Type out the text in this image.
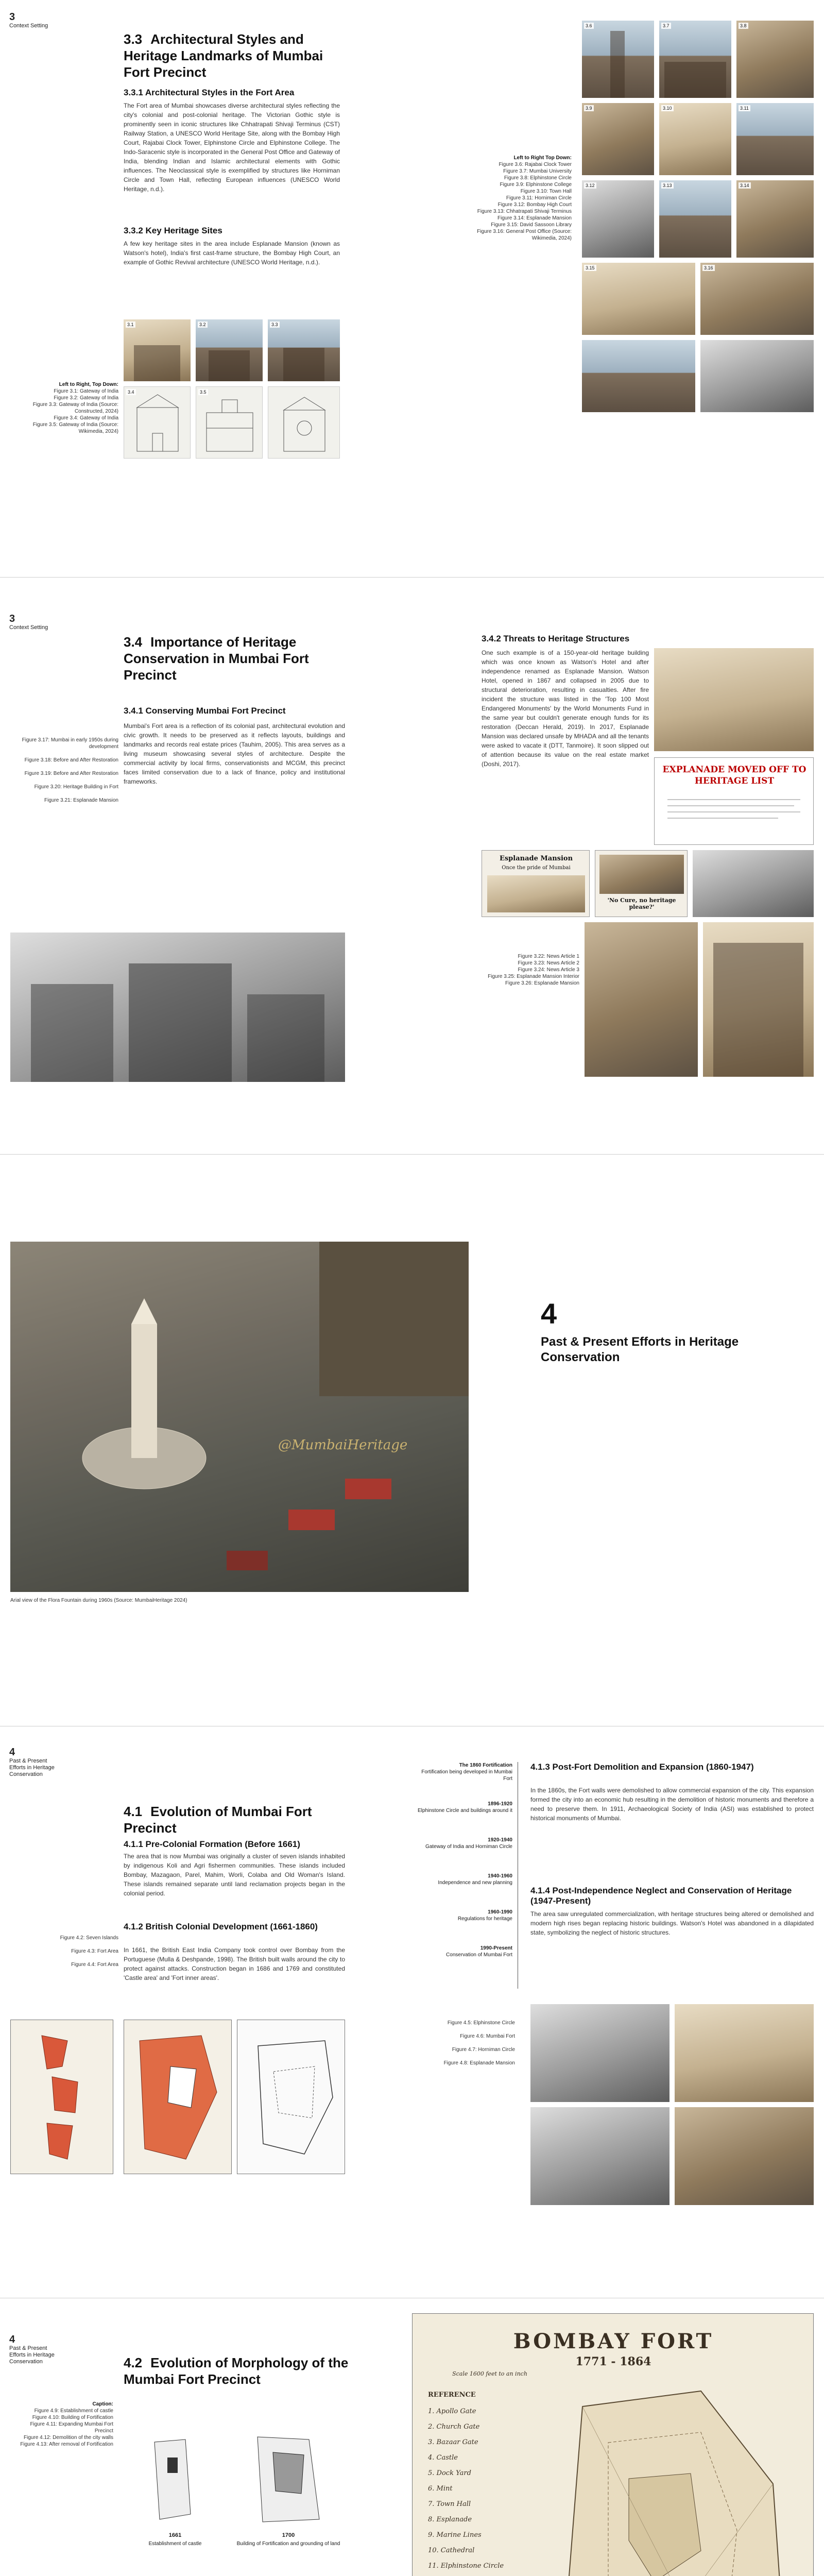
3
Context Setting
3.3 Architectural Styles and Heritage Landmarks of Mumbai Fort Precinct
3.3.1 Architectural Styles in the Fort Area

The Fort area of Mumbai showcases diverse architectural styles reflecting the city's colonial and post-colonial heritage. The Victorian Gothic style is prominently seen in iconic structures like Chhatrapati Shivaji Terminus (CST) Railway Station, a UNESCO World Heritage Site, along with the Bombay High Court, Rajabai Clock Tower, Elphinstone Circle and Elphinstone College. The Indo-Saracenic style is incorporated in the General Post Office and Gateway of India, blending Indian and Islamic architectural elements with Gothic influences. The Neoclassical style is exemplified by structures like Horniman Circle and Town Hall, reflecting European influences (UNESCO World Heritage, n.d.).

3.3.2 Key Heritage Sites

A few key heritage sites in the area include Esplanade Mansion (known as Watson's hotel), India's first cast-frame structure, the Bombay High Court, an example of Gothic Revival architecture (UNESCO World Heritage, n.d.).

Left to Right, Top Down:
Figure 3.1: Gateway of India
Figure 3.2: Gateway of India
Figure 3.3: Gateway of India (Source: Constructed, 2024)
Figure 3.4: Gateway of India
Figure 3.5: Gateway of India (Source: Wikimedia, 2024)
3.1	3.2	3.3
3.4	3.5
3.6	3.7	3.8
Left to Right Top Down:
Figure 3.6: Rajabai Clock Tower
Figure 3.7: Mumbai University
Figure 3.8: Elphinstone Circle
Figure 3.9: Elphinstone College
Figure 3.10: Town Hall
Figure 3.11: Horniman Circle
Figure 3.12: Bombay High Court
Figure 3.13: Chhatrapati Shivaji Terminus
Figure 3.14: Esplanade Mansion
Figure 3.15: David Sassoon Library
Figure 3.16: General Post Office (Source: Wikimedia, 2024)
3.9	3.10	3.11
3.12	3.13	3.14
3.15	3.16
3
Context Setting
3.4 Importance of Heritage Conservation in Mumbai Fort Precinct
3.4.1 Conserving Mumbai Fort Precinct

Mumbai's Fort area is a reflection of its colonial past, architectural evolution and civic growth. It needs to be preserved as it reflects layouts, buildings and landmarks and records real estate prices (Tauhim, 2005). This area serves as a living museum showcasing several styles of architecture. Despite the commercial activity by local firms, conservationists and MCGM, this precinct faces limited conservation due to a lack of finance, policy and institutional frameworks.

Figure 3.17: Mumbai in early 1950s during development

Figure 3.18: Before and After Restoration

Figure 3.19: Before and After Restoration

Figure 3.20: Heritage Building in Fort

Figure 3.21: Esplanade Mansion
3.4.2 Threats to Heritage Structures

One such example is of a 150-year-old heritage building which was once known as Watson's Hotel and after independence renamed as Esplanade Mansion. Watson Hotel, opened in 1867 and collapsed in 2005 due to structural deterioration, resulting in casualties. After fire incident the structure was listed in the 'Top 100 Most Endangered Monuments' by the World Monuments Fund in the same year but couldn't generate enough funds for its restoration (Deccan Herald, 2019). In 2017, Esplanade Mansion was declared unsafe by MHADA and all the tenants were asked to vacate it (DTT, Tanmoire). It soon slipped out of attention because its value on the real estate market (Doshi, 2017).

EXPLANADE MOVED OFF TO HERITAGE LIST
Esplanade Mansion
Once the pride of Mumbai
'No Cure, no heritage please?'
Figure 3.22: News Article 1
Figure 3.23: News Article 2
Figure 3.24: News Article 3
Figure 3.25: Esplanade Mansion Interior
Figure 3.26: Esplanade Mansion
@MumbaiHeritage

Arial view of the Flora Fountain during 1960s (Source: MumbaiHeritage 2024)

4
Past & Present Efforts in Heritage Conservation
4
Past & Present Efforts in Heritage Conservation
4.1 Evolution of Mumbai Fort Precinct
4.1.1 Pre-Colonial Formation (Before 1661)

The area that is now Mumbai was originally a cluster of seven islands inhabited by indigenous Koli and Agri fishermen communities. These islands included Bombay, Mazagaon, Parel, Mahim, Worli, Colaba and Old Woman's Island. These islands remained separate until land reclamation projects began in the colonial period.

4.1.2 British Colonial Development (1661-1860)

In 1661, the British East India Company took control over Bombay from the Portuguese (Mulla & Deshpande, 1998). The British built walls around the city to protect against attacks. Construction began in 1686 and 1769 and constituted 'Castle area' and 'Fort inner areas'.

Figure 4.2: Seven Islands

Figure 4.3: Fort Area

Figure 4.4: Fort Area
The 1860 Fortification
Fortification being developed in Mumbai Fort
1896-1920
Elphinstone Circle and buildings around it
1920-1940
Gateway of India and Horniman Circle
1940-1960
Independence and new planning
1960-1990
Regulations for heritage
1990-Present
Conservation of Mumbai Fort
4.1.3 Post-Fort Demolition and Expansion (1860-1947)

In the 1860s, the Fort walls were demolished to allow commercial expansion of the city. This expansion formed the city into an economic hub resulting in the demolition of historic monuments and therefore a need to preserve them. In 1911, Archaeological Society of India (ASI) was established to protect historical monuments of Mumbai.

4.1.4 Post-Independence Neglect and Conservation of Heritage (1947-Present)

The area saw unregulated commercialization, with heritage structures being altered or demolished and modern high rises began replacing historic buildings. Watson's Hotel was abandoned in a dilapidated state, symbolizing the neglect of historic structures.

Figure 4.5: Elphinstone Circle

Figure 4.6: Mumbai Fort

Figure 4.7: Horniman Circle

Figure 4.8: Esplanade Mansion
4
Past & Present Efforts in Heritage Conservation	4.2 Evolution of Morphology of the Mumbai Fort Precinct
Caption:
Figure 4.9: Establishment of castle
Figure 4.10: Building of Fortification
Figure 4.11: Expanding Mumbai Fort Precinct
Figure 4.12: Demolition of the city walls
Figure 4.13: After removal of Fortification
1661	1700
Establishment of castle	Building of Fortification and grounding of land
BOMBAY FORT
1771 - 1864
Scale 1600 feet to an inch
REFERENCE
1. Apollo Gate
2. Church Gate
3. Bazaar Gate
4. Castle
5. Dock Yard
6. Mint
7. Town Hall
8. Esplanade
9. Marine Lines
10. Cathedral
11. Elphinstone Circle
